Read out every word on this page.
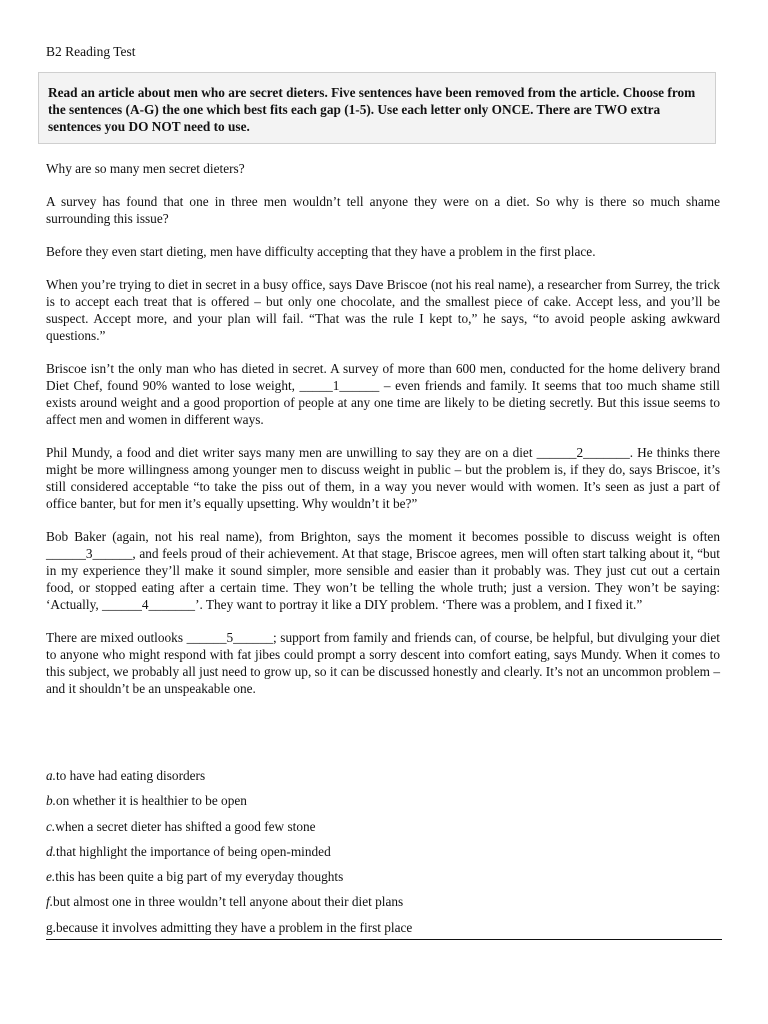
B2 Reading Test
Read an article about men who are secret dieters. Five sentences have been removed from the article. Choose from the sentences (A-G) the one which best fits each gap (1-5). Use each letter only ONCE. There are TWO extra sentences you DO NOT need to use.

Why are so many men secret dieters?

A survey has found that one in three men wouldn’t tell anyone they were on a diet. So why is there so much shame surrounding this issue?

Before they even start dieting, men have difficulty accepting that they have a problem in the first place.

When you’re trying to diet in secret in a busy office, says Dave Briscoe (not his real name), a researcher from Surrey, the trick is to accept each treat that is offered – but only one chocolate, and the smallest piece of cake. Accept less, and you’ll be suspect. Accept more, and your plan will fail. “That was the rule I kept to,” he says, “to avoid people asking awkward questions.”

Briscoe isn’t the only man who has dieted in secret. A survey of more than 600 men, conducted for the home delivery brand Diet Chef, found 90% wanted to lose weight, _____1______ – even friends and family. It seems that too much shame still exists around weight and a good proportion of people at any one time are likely to be dieting secretly. But this issue seems to affect men and women in different ways.

Phil Mundy, a food and diet writer says many men are unwilling to say they are on a diet ______2_______. He thinks there might be more willingness among younger men to discuss weight in public – but the problem is, if they do, says Briscoe, it’s still considered acceptable “to take the piss out of them, in a way you never would with women. It’s seen as just a part of office banter, but for men it’s equally upsetting. Why wouldn’t it be?”

Bob Baker (again, not his real name), from Brighton, says the moment it becomes possible to discuss weight is often ______3______, and feels proud of their achievement. At that stage, Briscoe agrees, men will often start talking about it, “but in my experience they’ll make it sound simpler, more sensible and easier than it probably was. They just cut out a certain food, or stopped eating after a certain time. They won’t be telling the whole truth; just a version. They won’t be saying: ‘Actually, ______4_______’. They want to portray it like a DIY problem. ‘There was a problem, and I fixed it.”

There are mixed outlooks ______5______; support from family and friends can, of course, be helpful, but divulging your diet to anyone who might respond with fat jibes could prompt a sorry descent into comfort eating, says Mundy. When it comes to this subject, we probably all just need to grow up, so it can be discussed honestly and clearly. It’s not an uncommon problem – and it shouldn’t be an unspeakable one.

a.to have had eating disorders
b.on whether it is healthier to be open
c.when a secret dieter has shifted a good few stone
d.that highlight the importance of being open-minded
e.this has been quite a big part of my everyday thoughts
f.but almost one in three wouldn’t tell anyone about their diet plans
g.because it involves admitting they have a problem in the first place
